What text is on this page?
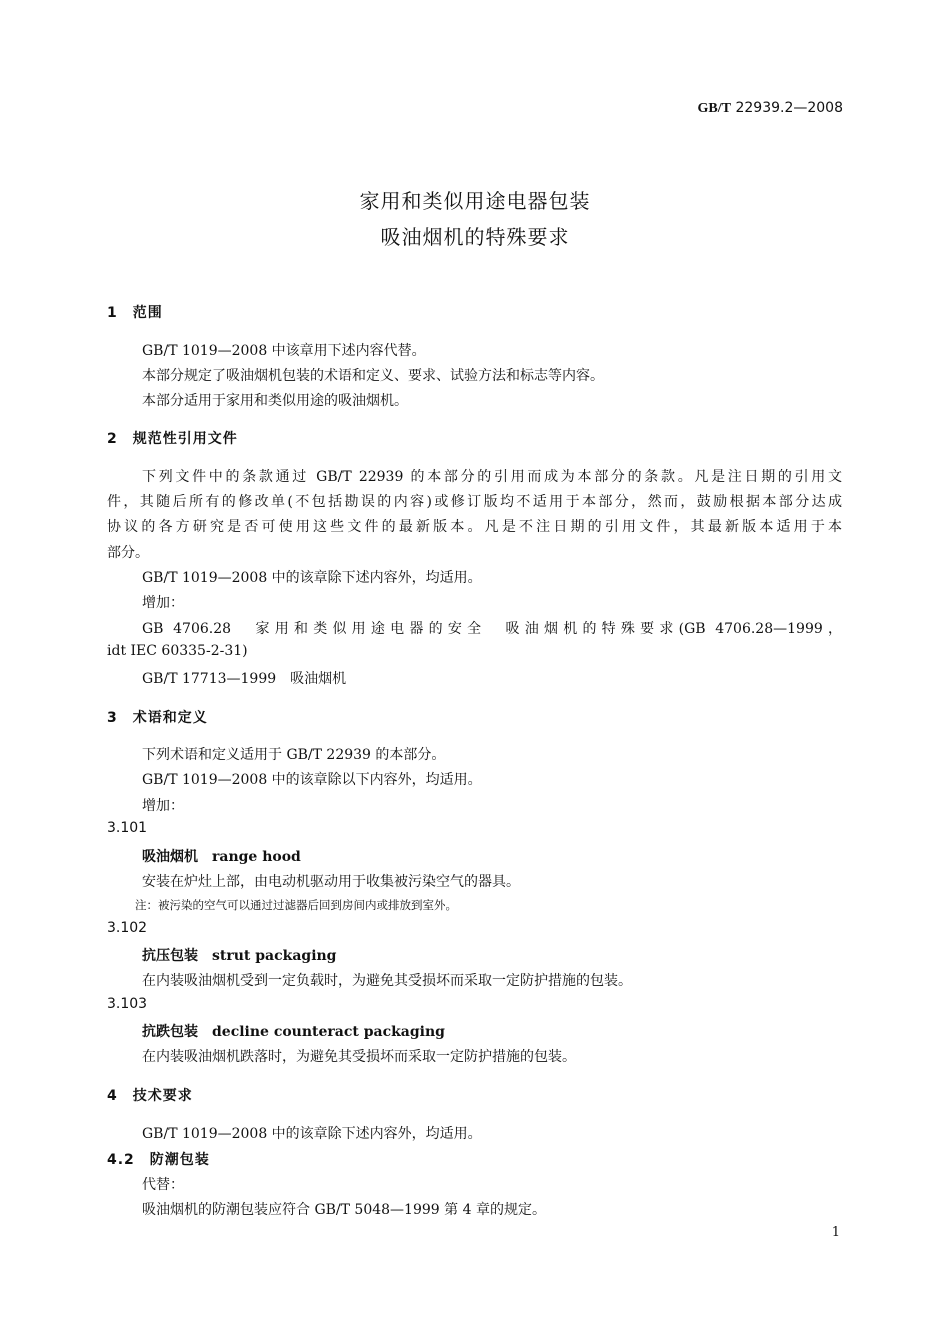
GB/T 22939.2—2008
家用和类似用途电器包装
吸油烟机的特殊要求
1　范围
GB/T 1019—2008 中该章用下述内容代替。
本部分规定了吸油烟机包装的术语和定义、要求、试验方法和标志等内容。
本部分适用于家用和类似用途的吸油烟机。
2　规范性引用文件
下列文件中的条款通过 GB/T 22939 的本部分的引用而成为本部分的条款。凡是注日期的引用文
件，其随后所有的修改单(不包括勘误的内容)或修订版均不适用于本部分，然而，鼓励根据本部分达成
协议的各方研究是否可使用这些文件的最新版本。凡是不注日期的引用文件，其最新版本适用于本
部分。
GB/T 1019—2008 中的该章除下述内容外，均适用。
增加：
GB 4706.28　家用和类似用途电器的安全　吸油烟机的特殊要求(GB 4706.28—1999，
idt IEC 60335-2-31)
GB/T 17713—1999　吸油烟机
3　术语和定义
下列术语和定义适用于 GB/T 22939 的本部分。
GB/T 1019—2008 中的该章除以下内容外，均适用。
增加：
3.101
吸油烟机　range hood
安装在炉灶上部，由电动机驱动用于收集被污染空气的器具。
注：被污染的空气可以通过过滤器后回到房间内或排放到室外。
3.102
抗压包装　strut packaging
在内装吸油烟机受到一定负载时，为避免其受损坏而采取一定防护措施的包装。
3.103
抗跌包装　decline counteract packaging
在内装吸油烟机跌落时，为避免其受损坏而采取一定防护措施的包装。
4　技术要求
GB/T 1019—2008 中的该章除下述内容外，均适用。
4.2　防潮包装
代替：
吸油烟机的防潮包装应符合 GB/T 5048—1999 第 4 章的规定。
1
